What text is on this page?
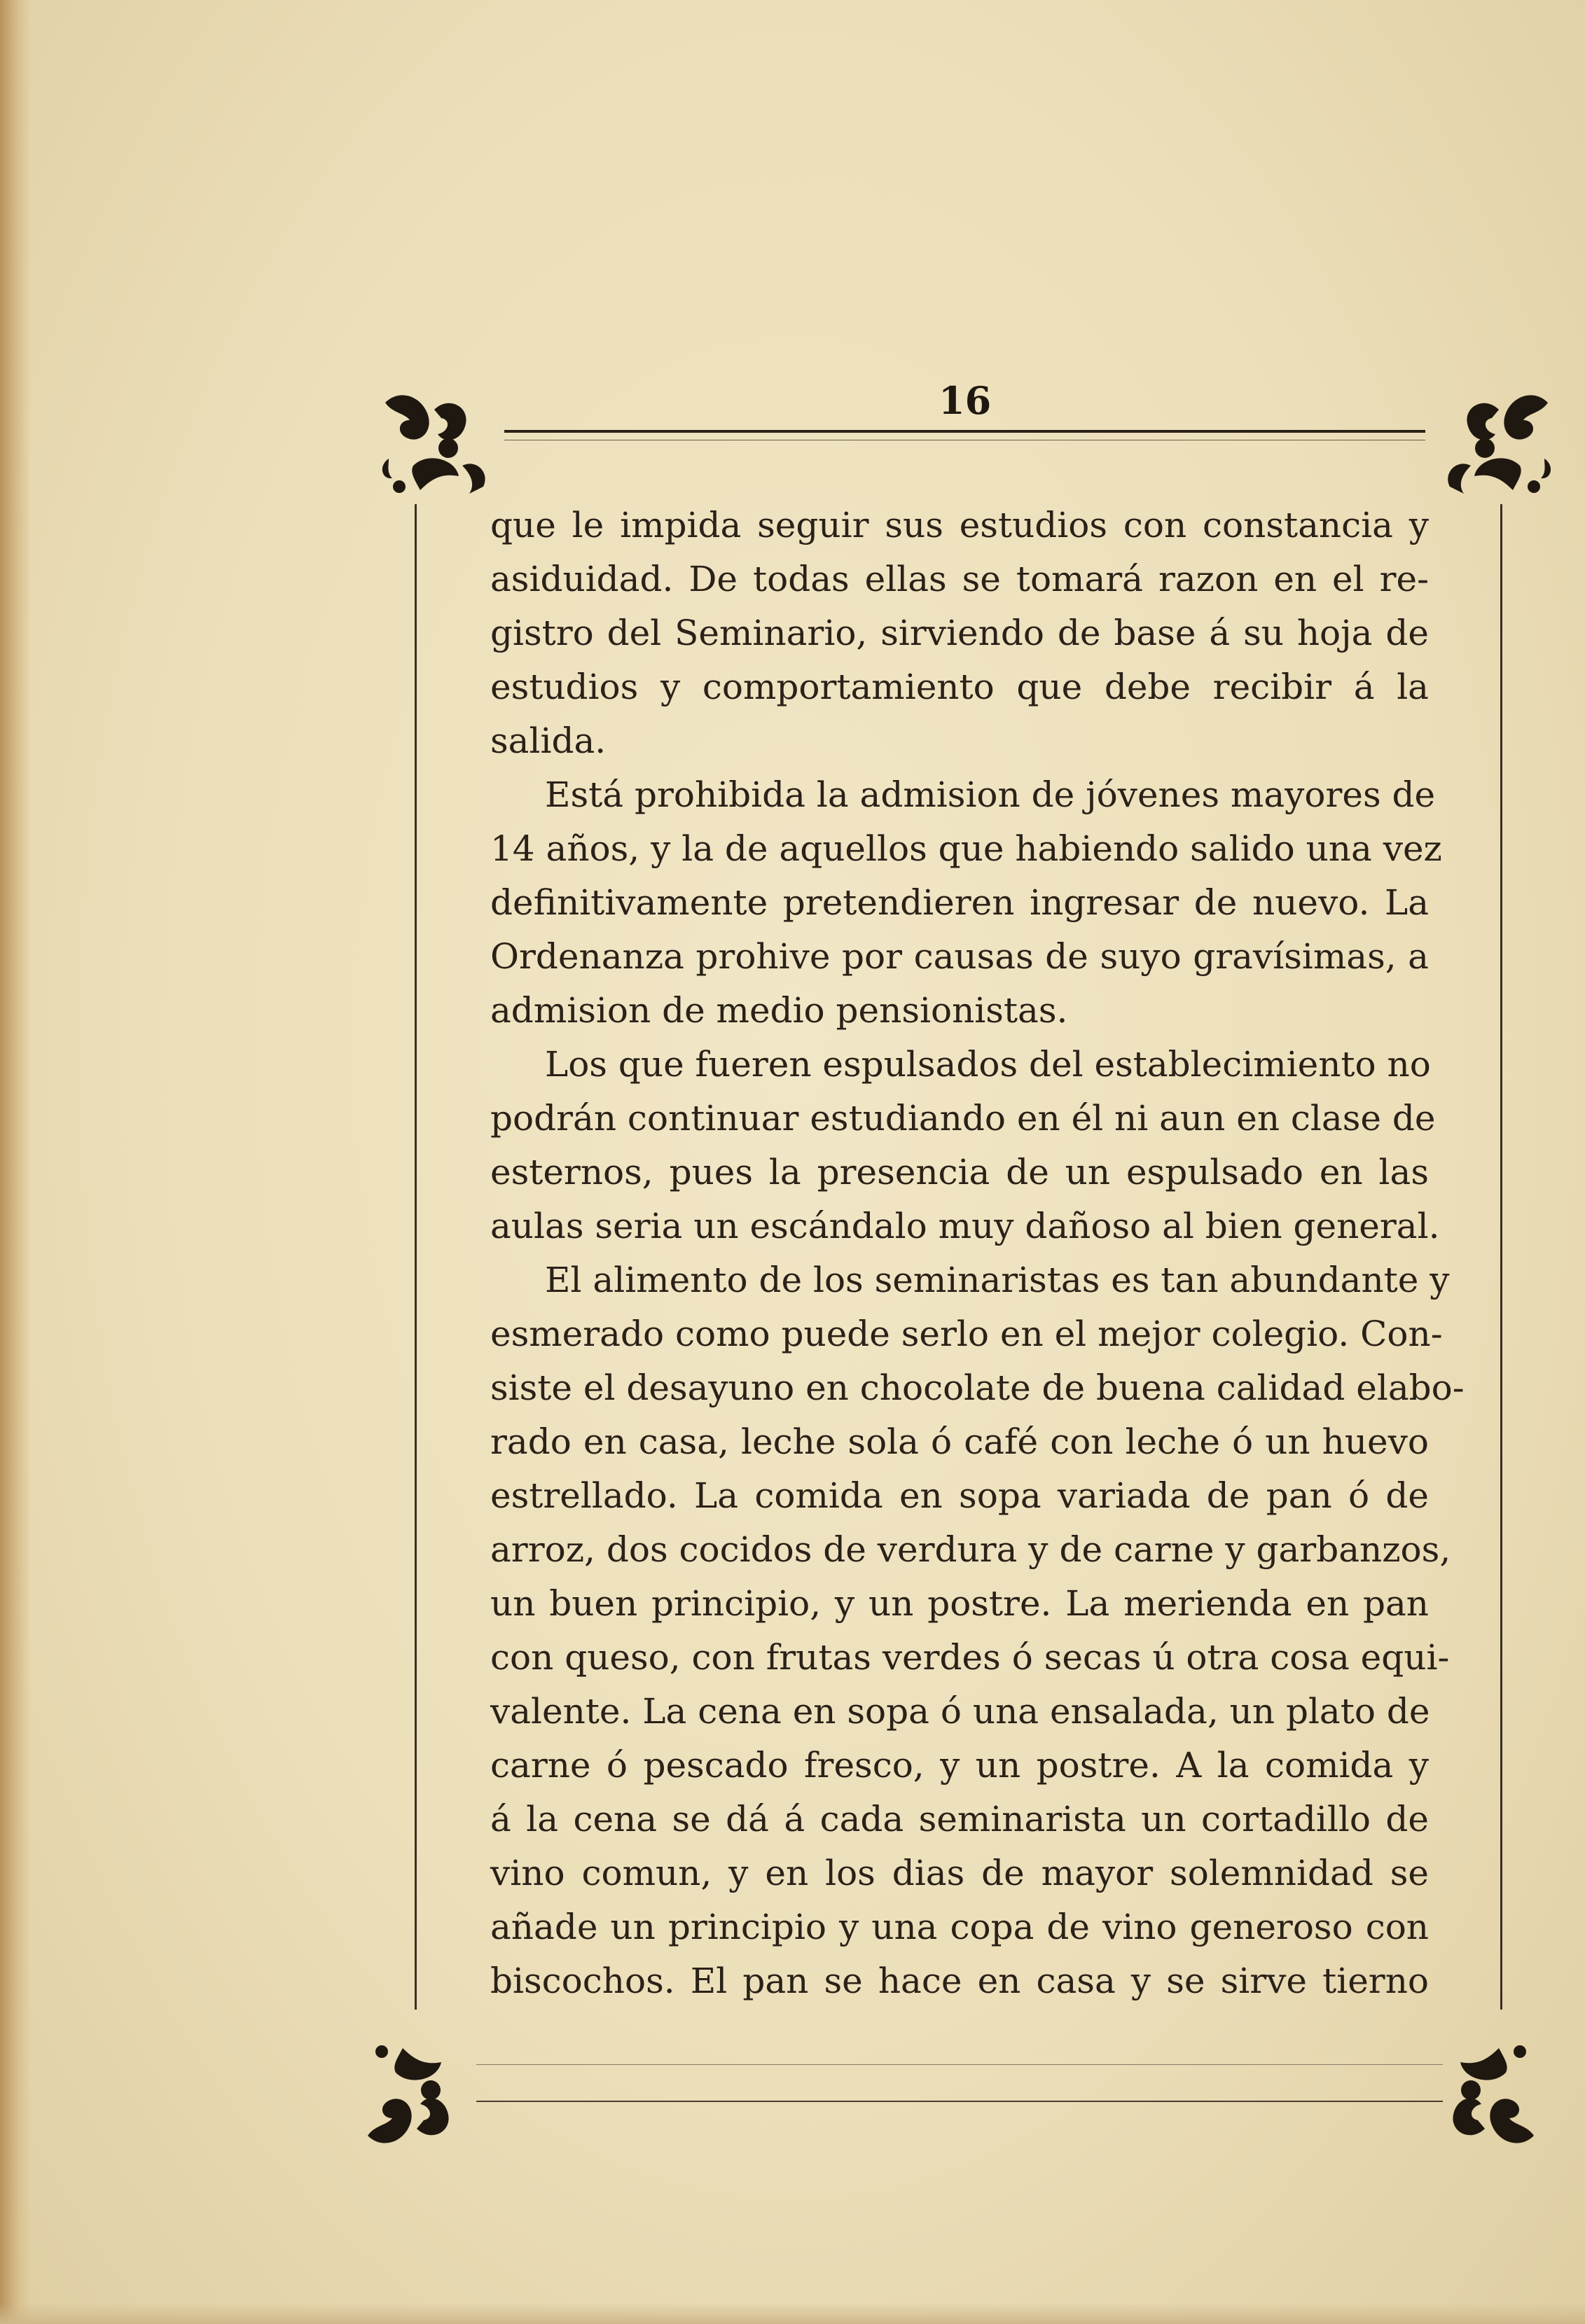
16
que le impida seguir sus estudios con constancia y
asiduidad. De todas ellas se tomará razon en el re-
gistro del Seminario, sirviendo de base á su hoja de
estudios y comportamiento que debe recibir á la
salida.
Está prohibida la admision de jóvenes mayores de
14 años, y la de aquellos que habiendo salido una vez
definitivamente pretendieren ingresar de nuevo. La
Ordenanza prohive por causas de suyo gravísimas, a
admision de medio pensionistas.
Los que fueren espulsados del establecimiento no
podrán continuar estudiando en él ni aun en clase de
esternos, pues la presencia de un espulsado en las
aulas seria un escándalo muy dañoso al bien general.
El alimento de los seminaristas es tan abundante y
esmerado como puede serlo en el mejor colegio. Con-
siste el desayuno en chocolate de buena calidad elabo-
rado en casa, leche sola ó café con leche ó un huevo
estrellado. La comida en sopa variada de pan ó de
arroz, dos cocidos de verdura y de carne y garbanzos,
un buen principio, y un postre. La merienda en pan
con queso, con frutas verdes ó secas ú otra cosa equi-
valente. La cena en sopa ó una ensalada, un plato de
carne ó pescado fresco, y un postre. A la comida y
á la cena se dá á cada seminarista un cortadillo de
vino comun, y en los dias de mayor solemnidad se
añade un principio y una copa de vino generoso con
biscochos. El pan se hace en casa y se sirve tierno
